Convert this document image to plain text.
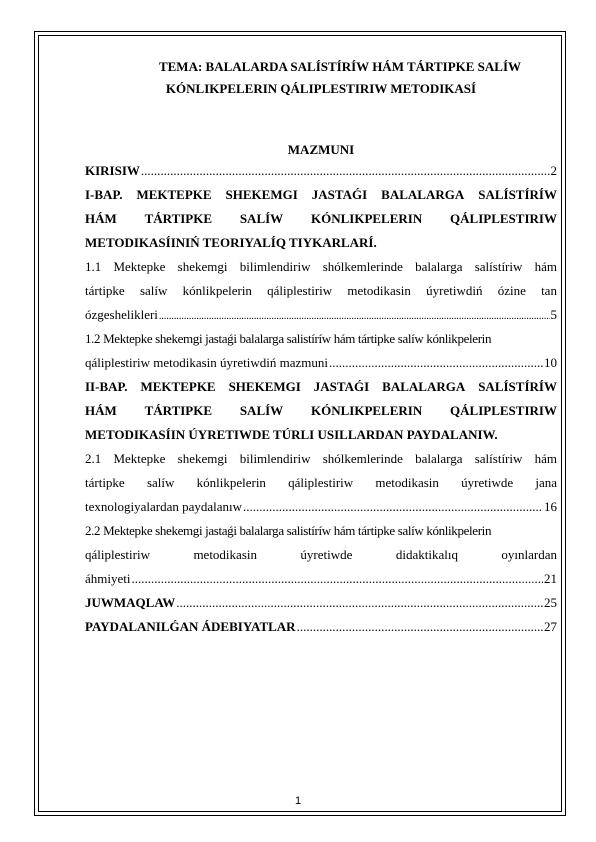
TEMA: BALALARDA SALÍSTÍRÍW HÁM TÁRTIPKE SALÍW
KÓNLIKPELERIN QÁLIPLESTIRIW METODIKASÍ
MAZMUNI
KIRISIW .....	2
I-BAP. MEKTEPKE SHEKEMGI JASTAǴI BALALARGA SALÍSTÍRÍW
HÁM TÁRTIPKE SALÍW KÓNLIKPELERIN QÁLIPLESTIRIW
METODIKASÍINIŃ TEORIYALÍQ TIYKARLARÍ.
1.1 Mektepke shekemgi bilimlendiriw shólkemlerinde balalarga salístíriw hám
tártipke salíw kónlikpelerin qáliplestiriw metodikasin úyretiwdiń ózine tan
ózgeshelikleri .....	5
1.2 Mektepke shekemgi jastaǵi balalarga salistíríw hám tártipke salíw kónlikpelerin
qáliplestiriw metodikasin úyretiwdiń mazmuni .....	10
II-BAP. MEKTEPKE SHEKEMGI JASTAǴI BALALARGA SALÍSTÍRÍW
HÁM TÁRTIPKE SALÍW KÓNLIKPELERIN QÁLIPLESTIRIW
METODIKASÍIN ÚYRETIWDE TÚRLI USILLARDAN PAYDALANIW.
2.1 Mektepke shekemgi bilimlendiriw shólkemlerinde balalarga salístíriw hám
tártipke salíw kónlikpelerin qáliplestiriw metodikasin úyretiwde jana
texnologiyalardan paydalanıw .....	16
2.2 Mektepke shekemgi jastaǵi balalarga salistíríw hám tártipke salíw kónlikpelerin
qáliplestiriw	metodikasin	úyretiwde	didaktikalıq	oyınlardan
áhmiyeti .....	21
JUWMAQLAW .....	25
PAYDALANILǴAN ÁDEBIYATLAR .....	27
1
